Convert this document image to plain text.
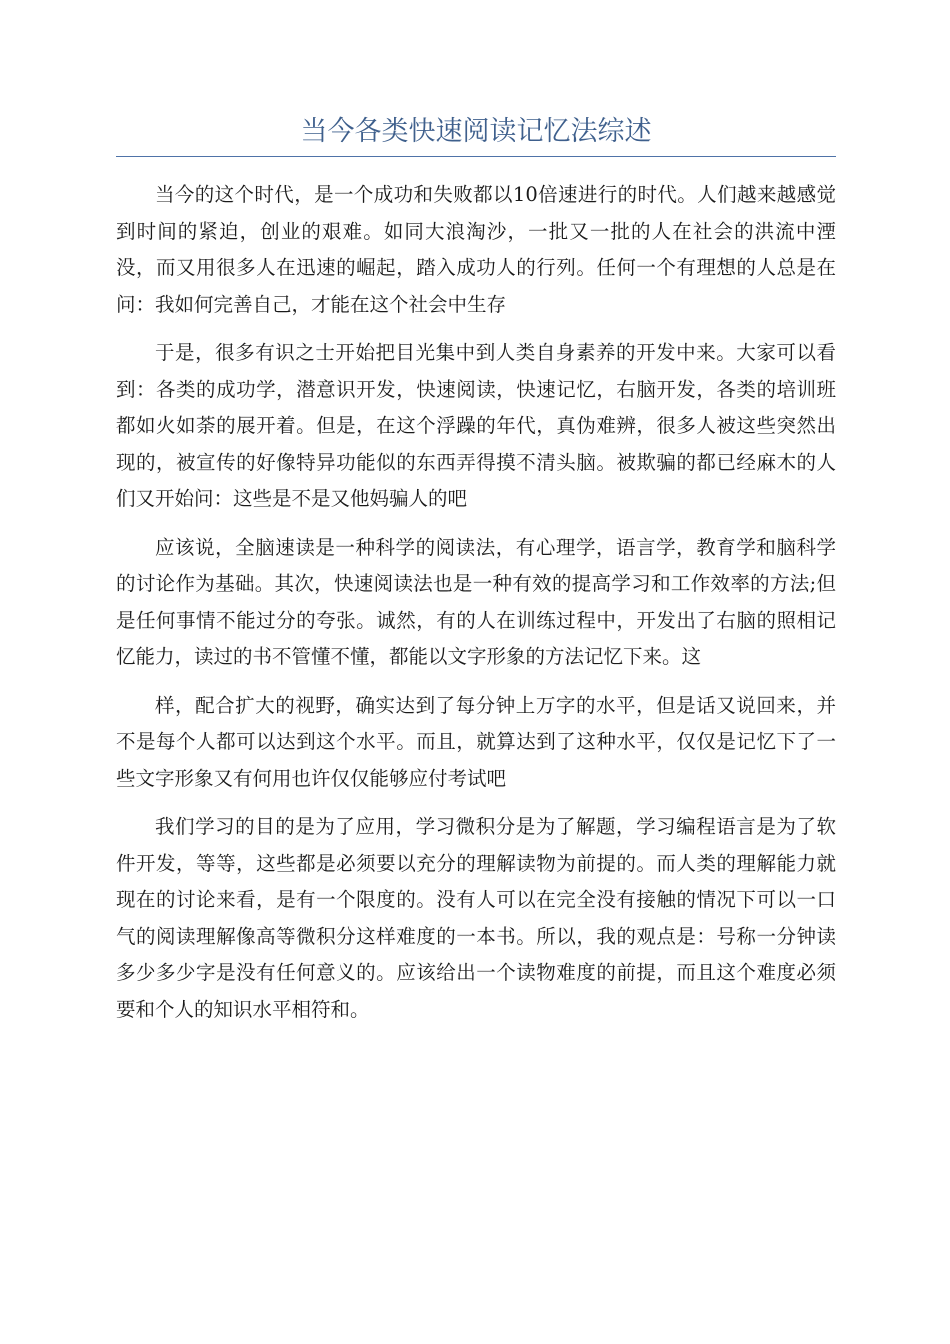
当今各类快速阅读记忆法综述

当今的这个时代，是一个成功和失败都以10倍速进行的时代。人们越来越感觉到时间的紧迫，创业的艰难。如同大浪淘沙，一批又一批的人在社会的洪流中湮没，而又用很多人在迅速的崛起，踏入成功人的行列。任何一个有理想的人总是在问：我如何完善自己，才能在这个社会中生存

于是，很多有识之士开始把目光集中到人类自身素养的开发中来。大家可以看到：各类的成功学，潜意识开发，快速阅读，快速记忆，右脑开发，各类的培训班都如火如荼的展开着。但是，在这个浮躁的年代，真伪难辨，很多人被这些突然出现的，被宣传的好像特异功能似的东西弄得摸不清头脑。被欺骗的都已经麻木的人们又开始问：这些是不是又他妈骗人的吧

应该说，全脑速读是一种科学的阅读法，有心理学，语言学，教育学和脑科学的讨论作为基础。其次，快速阅读法也是一种有效的提高学习和工作效率的方法;但是任何事情不能过分的夸张。诚然，有的人在训练过程中，开发出了右脑的照相记忆能力，读过的书不管懂不懂，都能以文字形象的方法记忆下来。这

样，配合扩大的视野，确实达到了每分钟上万字的水平，但是话又说回来，并不是每个人都可以达到这个水平。而且，就算达到了这种水平，仅仅是记忆下了一些文字形象又有何用也许仅仅能够应付考试吧

我们学习的目的是为了应用，学习微积分是为了解题，学习编程语言是为了软件开发，等等，这些都是必须要以充分的理解读物为前提的。而人类的理解能力就现在的讨论来看，是有一个限度的。没有人可以在完全没有接触的情况下可以一口气的阅读理解像高等微积分这样难度的一本书。所以，我的观点是：号称一分钟读多少多少字是没有任何意义的。应该给出一个读物难度的前提，而且这个难度必须要和个人的知识水平相符和。
